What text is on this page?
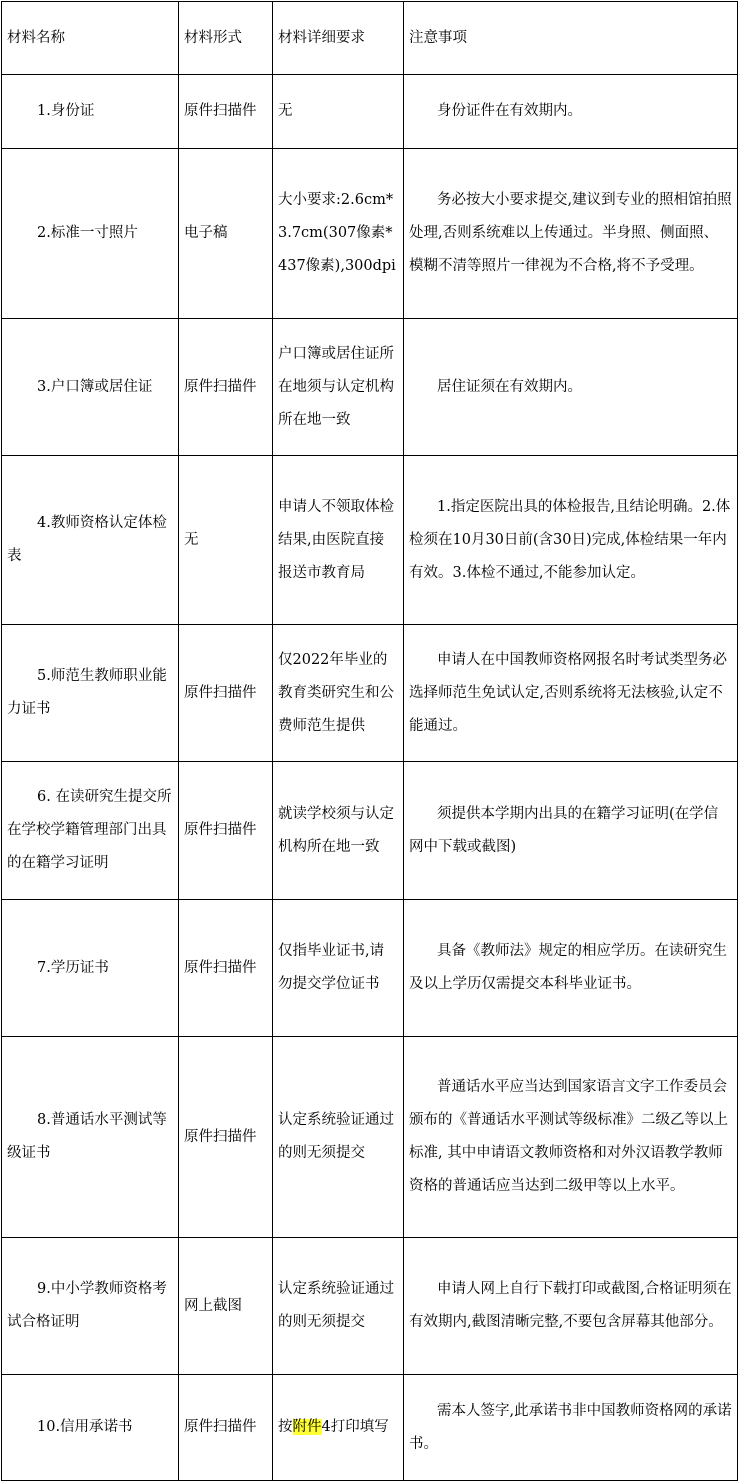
材料名称	材料形式	材料详细要求	注意事项
1.身份证	原件扫描件	无	身份证件在有效期内。
2.标准一寸照片	电子稿	大小要求:2.6cm*3.7cm(307像素*437像素),300dpi	务必按大小要求提交,建议到专业的照相馆拍照处理,否则系统难以上传通过。半身照、侧面照、模糊不清等照片一律视为不合格,将不予受理。
3.户口簿或居住证	原件扫描件	户口簿或居住证所在地须与认定机构所在地一致	居住证须在有效期内。
4.教师资格认定体检表	无	申请人不领取体检结果,由医院直接报送市教育局	1.指定医院出具的体检报告,且结论明确。2.体检须在10月30日前(含30日)完成,体检结果一年内有效。3.体检不通过,不能参加认定。
5.师范生教师职业能力证书	原件扫描件	仅2022年毕业的教育类研究生和公费师范生提供	申请人在中国教师资格网报名时考试类型务必选择师范生免试认定,否则系统将无法核验,认定不能通过。
6. 在读研究生提交所在学校学籍管理部门出具的在籍学习证明	原件扫描件	就读学校须与认定机构所在地一致	须提供本学期内出具的在籍学习证明(在学信网中下载或截图)
7.学历证书	原件扫描件	仅指毕业证书,请勿提交学位证书	具备《教师法》规定的相应学历。在读研究生及以上学历仅需提交本科毕业证书。
8.普通话水平测试等级证书	原件扫描件	认定系统验证通过的则无须提交	普通话水平应当达到国家语言文字工作委员会颁布的《普通话水平测试等级标准》二级乙等以上标准, 其中申请语文教师资格和对外汉语教学教师资格的普通话应当达到二级甲等以上水平。
9.中小学教师资格考试合格证明	网上截图	认定系统验证通过的则无须提交	申请人网上自行下载打印或截图,合格证明须在有效期内,截图清晰完整,不要包含屏幕其他部分。
10.信用承诺书	原件扫描件	按附件4打印填写	需本人签字,此承诺书非中国教师资格网的承诺书。
